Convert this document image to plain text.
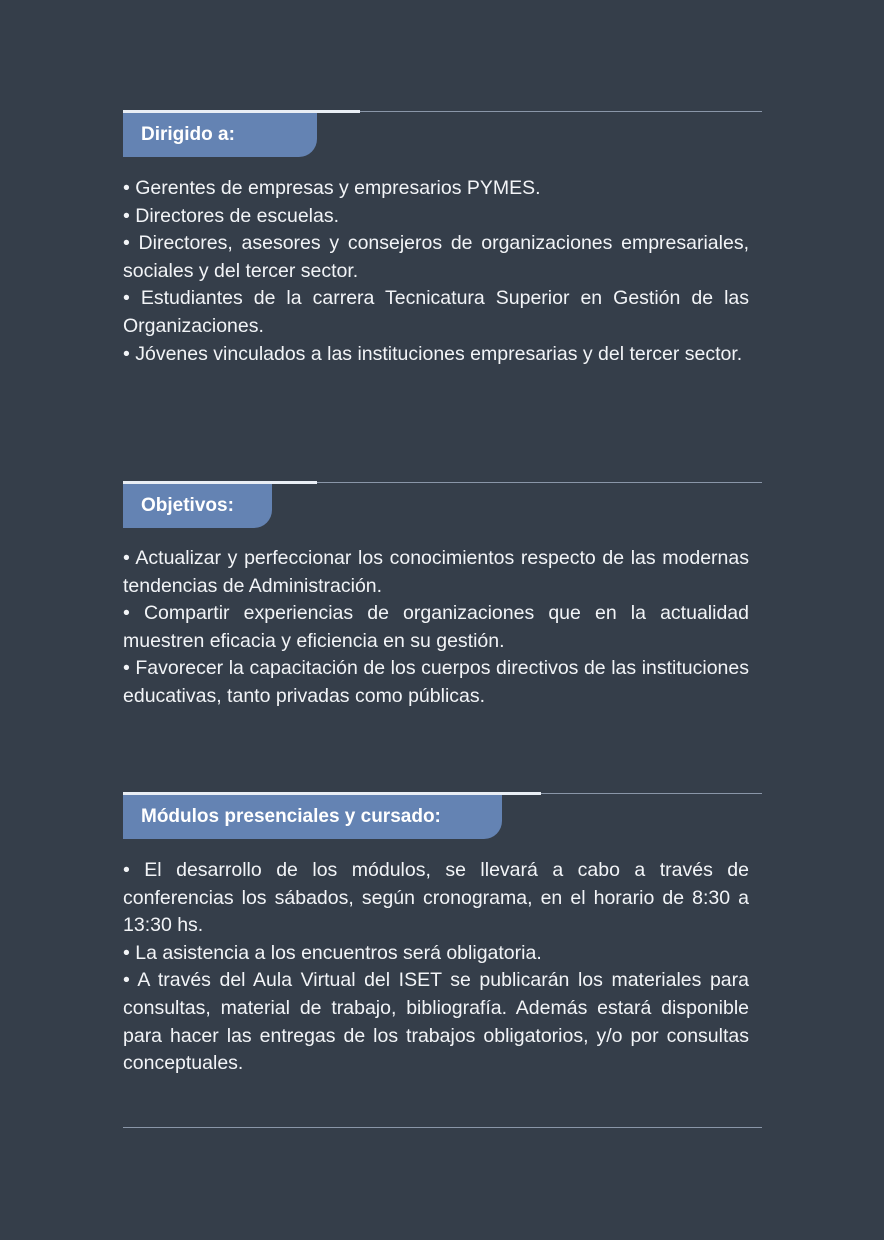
Dirigido a:
• Gerentes de empresas y empresarios PYMES.
• Directores de escuelas.
• Directores, asesores y consejeros de organizaciones empresariales, sociales y del tercer sector.
• Estudiantes de la carrera Tecnicatura Superior en Gestión de las Organizaciones.
• Jóvenes vinculados a las instituciones empresarias y del tercer sector.
Objetivos:
• Actualizar y perfeccionar los conocimientos respecto de las modernas tendencias de Administración.
• Compartir experiencias de organizaciones que en la actualidad muestren eficacia y eficiencia en su gestión.
• Favorecer la capacitación de los cuerpos directivos de las instituciones educativas, tanto privadas como públicas.
Módulos presenciales y cursado:
• El desarrollo de los módulos, se llevará a cabo a través de conferencias los sábados, según cronograma, en el horario de 8:30 a 13:30 hs.
• La asistencia a los encuentros será obligatoria.
• A través del Aula Virtual del ISET se publicarán los materiales para consultas, material de trabajo, bibliografía. Además estará disponible para hacer las entregas de los trabajos obligatorios, y/o por consultas conceptuales.
